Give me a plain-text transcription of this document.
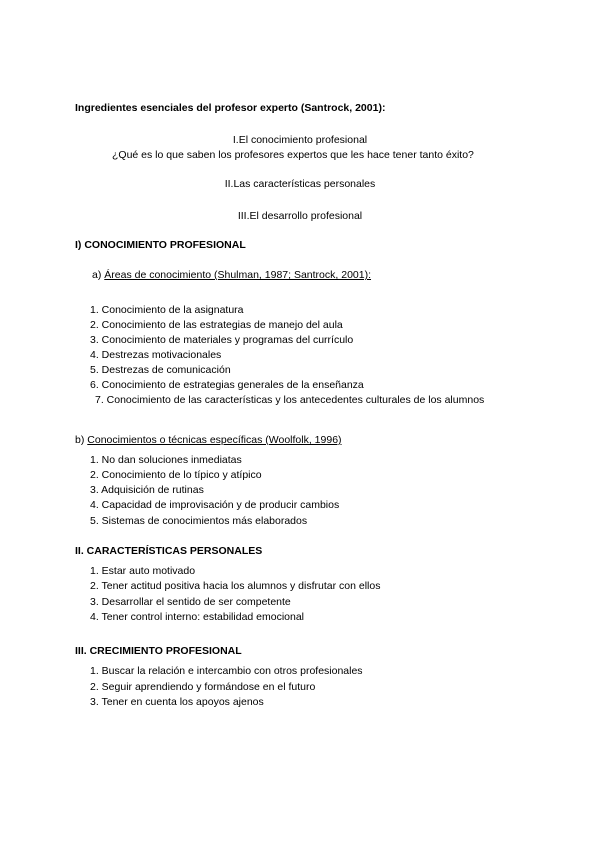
Ingredientes esenciales del profesor experto (Santrock, 2001):
I.El conocimiento profesional
¿Qué es lo que saben los profesores expertos que les hace tener tanto éxito?
II.Las características personales
III.El desarrollo profesional
I) CONOCIMIENTO PROFESIONAL
a) Áreas de conocimiento (Shulman, 1987; Santrock, 2001):
1. Conocimiento de la asignatura
2. Conocimiento de las estrategias de manejo del aula
3. Conocimiento de materiales y programas del currículo
4. Destrezas motivacionales
5. Destrezas de comunicación
6. Conocimiento de estrategias generales de la enseñanza
7. Conocimiento de las características y los antecedentes culturales de los alumnos
b) Conocimientos o técnicas específicas (Woolfolk, 1996)
1. No dan soluciones inmediatas
2. Conocimiento de lo típico y atípico
3. Adquisición de rutinas
4. Capacidad de improvisación y de producir cambios
5. Sistemas de conocimientos más elaborados
II. CARACTERÍSTICAS PERSONALES
1. Estar auto motivado
2. Tener actitud positiva hacia los alumnos y disfrutar con ellos
3. Desarrollar el sentido de ser competente
4. Tener control interno: estabilidad emocional
III. CRECIMIENTO PROFESIONAL
1. Buscar la relación e intercambio con otros profesionales
2. Seguir aprendiendo y formándose en el futuro
3. Tener en cuenta los apoyos ajenos
